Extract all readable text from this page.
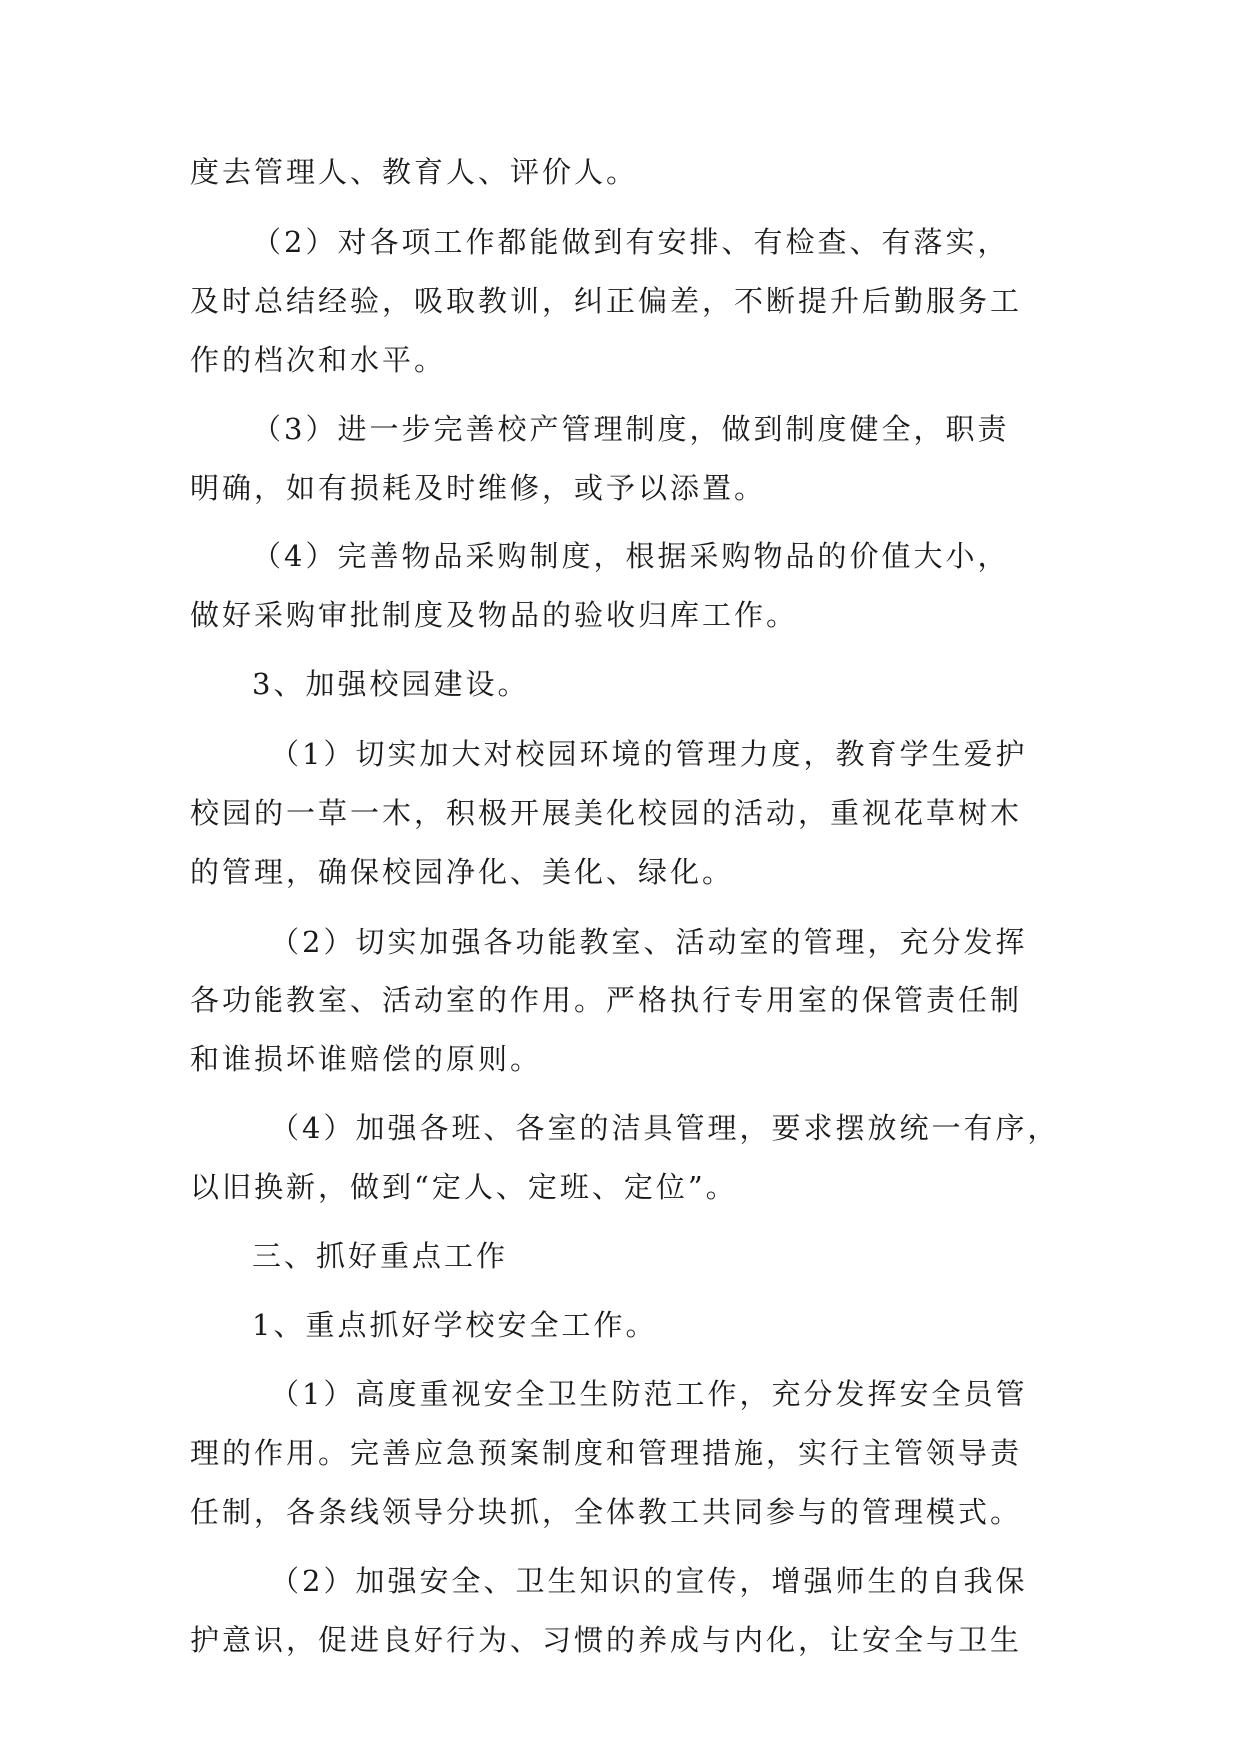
度去管理人、教育人、评价人。
（2）对各项工作都能做到有安排、有检查、有落实，
及时总结经验，吸取教训，纠正偏差，不断提升后勤服务工
作的档次和水平。
（3）进一步完善校产管理制度，做到制度健全，职责
明确，如有损耗及时维修，或予以添置。
（4）完善物品采购制度，根据采购物品的价值大小，
做好采购审批制度及物品的验收归库工作。
3、加强校园建设。
（1）切实加大对校园环境的管理力度，教育学生爱护
校园的一草一木，积极开展美化校园的活动，重视花草树木
的管理，确保校园净化、美化、绿化。
（2）切实加强各功能教室、活动室的管理，充分发挥
各功能教室、活动室的作用。严格执行专用室的保管责任制
和谁损坏谁赔偿的原则。
（4）加强各班、各室的洁具管理，要求摆放统一有序，
以旧换新，做到“定人、定班、定位”。
三、抓好重点工作
1、重点抓好学校安全工作。
（1）高度重视安全卫生防范工作，充分发挥安全员管
理的作用。完善应急预案制度和管理措施，实行主管领导责
任制，各条线领导分块抓，全体教工共同参与的管理模式。
（2）加强安全、卫生知识的宣传，增强师生的自我保
护意识，促进良好行为、习惯的养成与内化，让安全与卫生
